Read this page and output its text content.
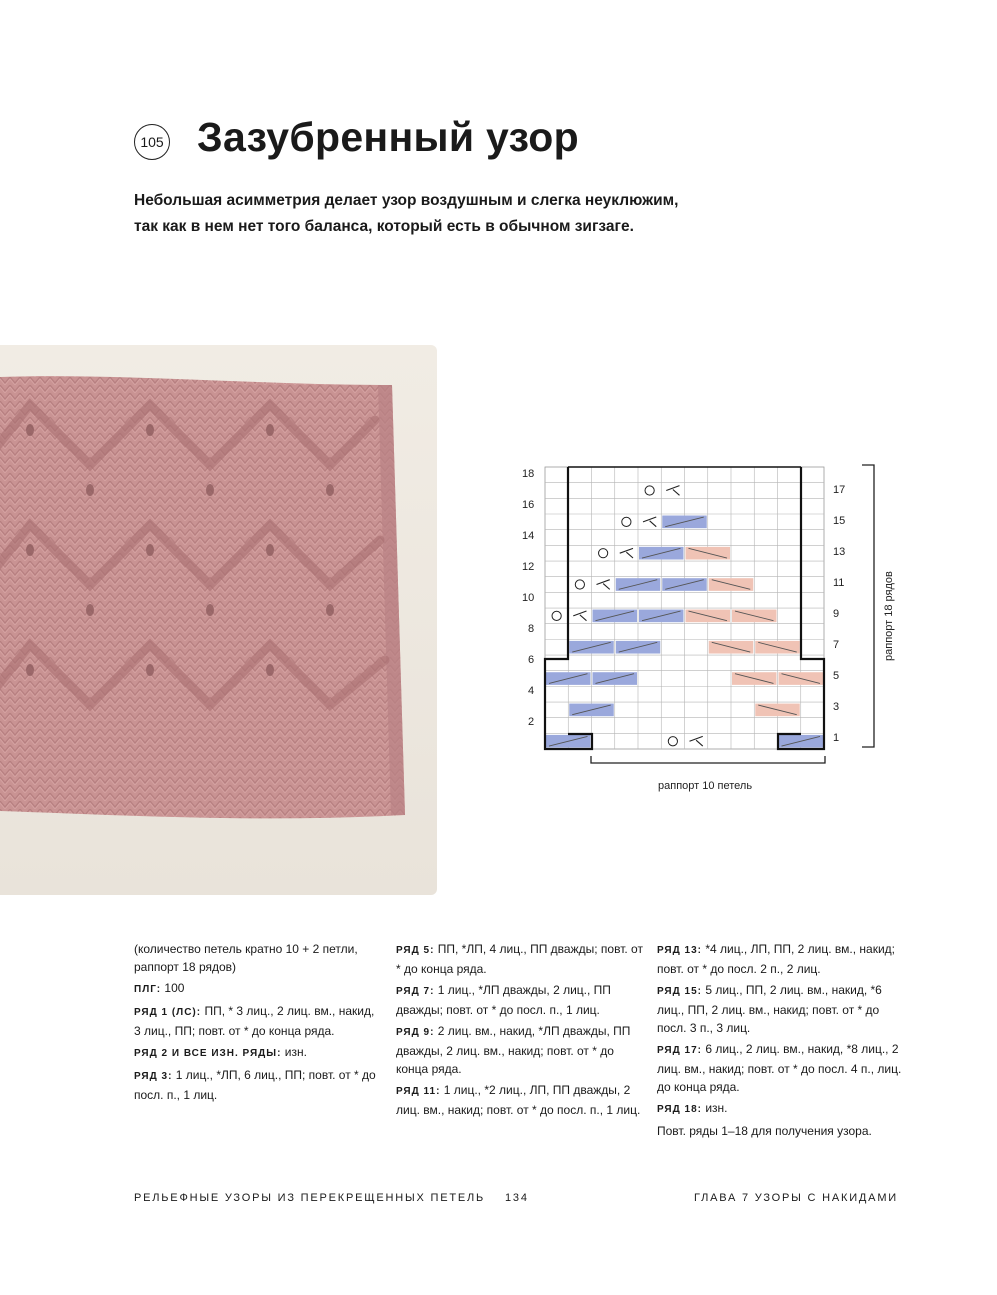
105 Зазубренный узор

Небольшая асимметрия делает узор воздушным и слегка неуклюжим,
так как в нем нет того баланса, который есть в обычном зигзаге.

18
16
14
12
10
8
6
4
2
17
15
13
11
9
7
5
3
1
раппорт 18 рядов
раппорт 10 петель

(количество петель кратно 10 + 2 петли, раппорт 18 рядов)

ПЛГ: 100

РЯД 1 (ЛС): ПП, * 3 лиц., 2 лиц. вм., накид, 3 лиц., ПП; повт. от * до конца ряда.

РЯД 2 И ВСЕ ИЗН. РЯДЫ: изн.

РЯД 3: 1 лиц., *ЛП, 6 лиц., ПП; повт. от * до посл. п., 1 лиц.

РЯД 5: ПП, *ЛП, 4 лиц., ПП дважды; повт. от * до конца ряда.

РЯД 7: 1 лиц., *ЛП дважды, 2 лиц., ПП дважды; повт. от * до посл. п., 1 лиц.

РЯД 9: 2 лиц. вм., накид, *ЛП дважды, ПП дважды, 2 лиц. вм., накид; повт. от * до конца ряда.

РЯД 11: 1 лиц., *2 лиц., ЛП, ПП дважды, 2 лиц. вм., накид; повт. от * до посл. п., 1 лиц.

РЯД 13: *4 лиц., ЛП, ПП, 2 лиц. вм., накид; повт. от * до посл. 2 п., 2 лиц.

РЯД 15: 5 лиц., ПП, 2 лиц. вм., накид, *6 лиц., ПП, 2 лиц. вм., накид; повт. от * до посл. 3 п., 3 лиц.

РЯД 17: 6 лиц., 2 лиц. вм., накид, *8 лиц., 2 лиц. вм., накид; повт. от * до посл. 4 п., лиц. до конца ряда.

РЯД 18: изн.

Повт. ряды 1–18 для получения узора.

РЕЛЬЕФНЫЕ УЗОРЫ ИЗ ПЕРЕКРЕЩЕННЫХ ПЕТЕЛЬ 134	ГЛАВА 7 УЗОРЫ С НАКИДАМИ
